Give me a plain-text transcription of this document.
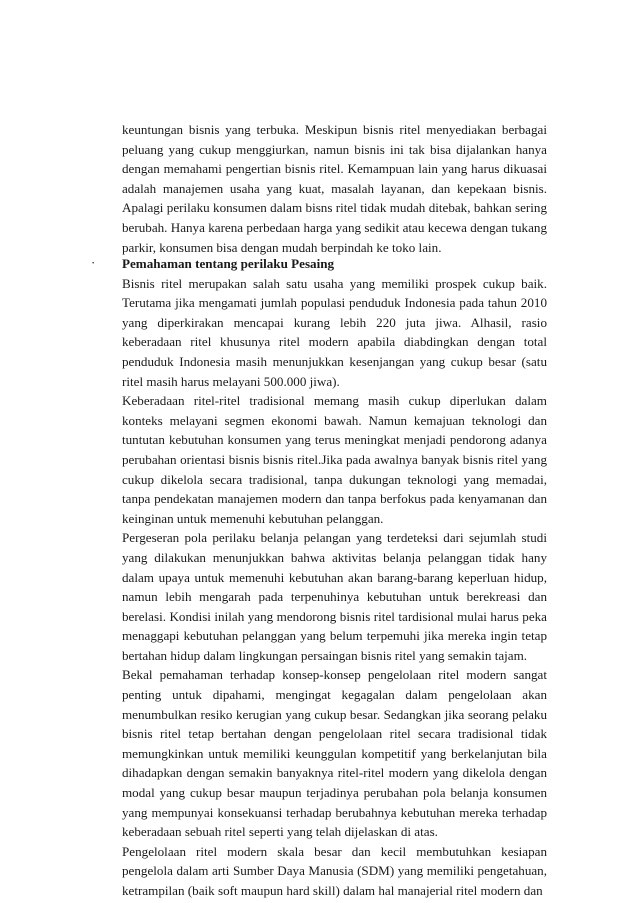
keuntungan bisnis yang terbuka. Meskipun bisnis ritel menyediakan berbagai peluang yang cukup menggiurkan, namun bisnis ini tak bisa dijalankan hanya dengan memahami pengertian bisnis ritel. Kemampuan lain yang harus dikuasai adalah manajemen usaha yang kuat, masalah layanan, dan kepekaan bisnis. Apalagi perilaku konsumen dalam bisns ritel tidak mudah ditebak, bahkan sering berubah. Hanya karena perbedaan harga yang sedikit atau kecewa dengan tukang parkir, konsumen bisa dengan mudah berpindah ke toko lain.

· Pemahaman tentang perilaku Pesaing

Bisnis ritel merupakan salah satu usaha yang memiliki prospek cukup baik. Terutama jika mengamati jumlah populasi penduduk Indonesia pada tahun 2010 yang diperkirakan mencapai kurang lebih 220 juta jiwa. Alhasil, rasio keberadaan ritel khusunya ritel modern apabila diabdingkan dengan total penduduk Indonesia masih menunjukkan kesenjangan yang cukup besar (satu ritel masih harus melayani 500.000 jiwa).

Keberadaan ritel-ritel tradisional memang masih cukup diperlukan dalam konteks melayani segmen ekonomi bawah. Namun kemajuan teknologi dan tuntutan kebutuhan konsumen yang terus meningkat menjadi pendorong adanya perubahan orientasi bisnis bisnis ritel.Jika pada awalnya banyak bisnis ritel yang cukup dikelola secara tradisional, tanpa dukungan teknologi yang memadai, tanpa pendekatan manajemen modern dan tanpa berfokus pada kenyamanan dan keinginan untuk memenuhi kebutuhan pelanggan.

Pergeseran pola perilaku belanja pelangan yang terdeteksi dari sejumlah studi yang dilakukan menunjukkan bahwa aktivitas belanja pelanggan tidak hany dalam upaya untuk memenuhi kebutuhan akan barang-barang keperluan hidup, namun lebih mengarah pada terpenuhinya kebutuhan untuk berekreasi dan berelasi. Kondisi inilah yang mendorong bisnis ritel tardisional mulai harus peka menaggapi kebutuhan pelanggan yang belum terpemuhi jika mereka ingin tetap bertahan hidup dalam lingkungan persaingan bisnis ritel yang semakin tajam.

Bekal pemahaman terhadap konsep-konsep pengelolaan ritel modern sangat penting untuk dipahami, mengingat kegagalan dalam pengelolaan akan menumbulkan resiko kerugian yang cukup besar. Sedangkan jika seorang pelaku bisnis ritel tetap bertahan dengan pengelolaan ritel secara tradisional tidak memungkinkan untuk memiliki keunggulan kompetitif yang berkelanjutan bila dihadapkan dengan semakin banyaknya ritel-ritel modern yang dikelola dengan modal yang cukup besar maupun terjadinya perubahan pola belanja konsumen yang mempunyai konsekuansi terhadap berubahnya kebutuhan mereka terhadap keberadaan sebuah ritel seperti yang telah dijelaskan di atas.

Pengelolaan ritel modern skala besar dan kecil membutuhkan kesiapan pengelola dalam arti Sumber Daya Manusia (SDM) yang memiliki pengetahuan, ketrampilan (baik soft maupun hard skill) dalam hal manajerial ritel modern dan
